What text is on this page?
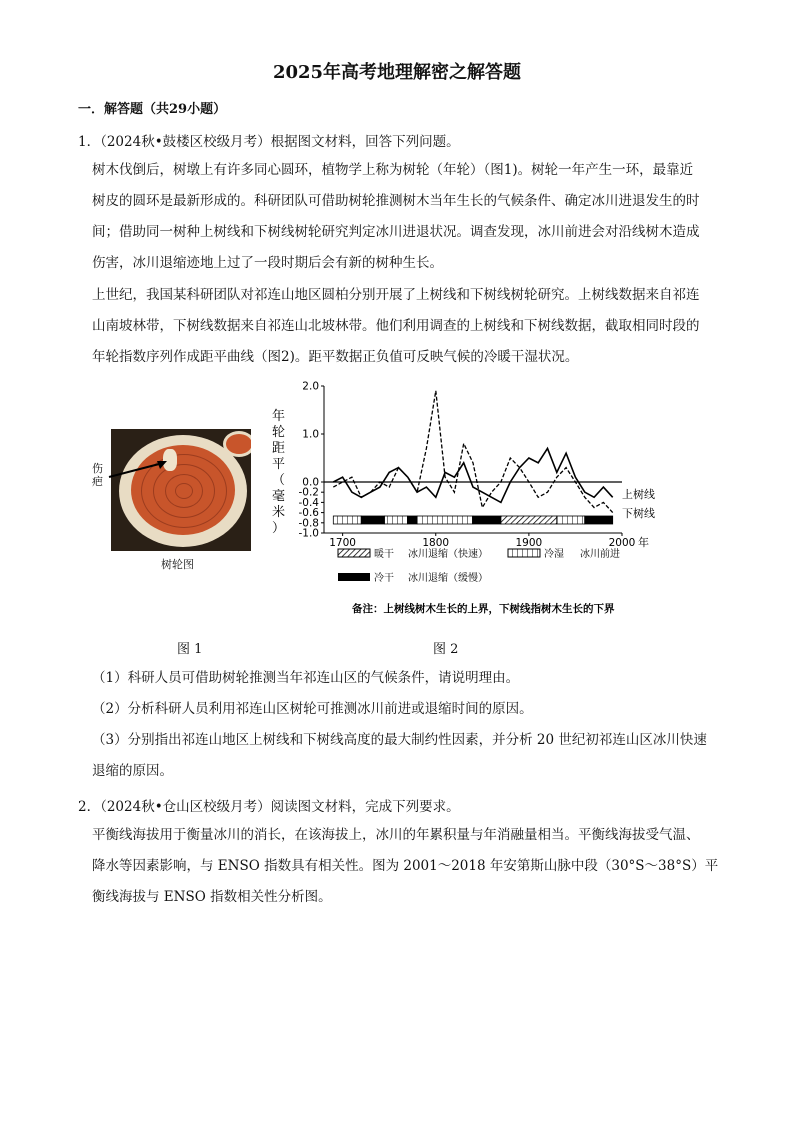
2025年高考地理解密之解答题
一．解答题（共29小题）
1．（2024秋•鼓楼区校级月考）根据图文材料，回答下列问题。
树木伐倒后，树墩上有许多同心圆环，植物学上称为树轮（年轮）（图1)。树轮一年产生一环，最靠近
树皮的圆环是最新形成的。科研团队可借助树轮推测树木当年生长的气候条件、确定冰川进退发生的时
间；借助同一树种上树线和下树线树轮研究判定冰川进退状况。调查发现，冰川前进会对沿线树木造成
伤害，冰川退缩迹地上过了一段时期后会有新的树种生长。
上世纪，我国某科研团队对祁连山地区圆柏分别开展了上树线和下树线树轮研究。上树线数据来自祁连
山南坡林带，下树线数据来自祁连山北坡林带。他们利用调查的上树线和下树线数据，截取相同时段的
年轮指数序列作成距平曲线（图2)。距平数据正负值可反映气候的冷暖干湿状况。
伤
疤
树轮图
年
轮
距
平
（
毫
米
）
2.0
1.0
0.0
-0.2
-0.4
-0.6
-0.8
-1.0
1700	1800	1900	2000 年
上树线
下树线
暖干 冰川退缩（快速）	冷湿 冰川前进
冷干 冰川退缩（缓慢）
备注：上树线树木生长的上界，下树线指树木生长的下界
图 1	图 2
（1）科研人员可借助树轮推测当年祁连山区的气候条件，请说明理由。
（2）分析科研人员利用祁连山区树轮可推测冰川前进或退缩时间的原因。
（3）分别指出祁连山地区上树线和下树线高度的最大制约性因素，并分析 20 世纪初祁连山区冰川快速
退缩的原因。
2．（2024秋•仓山区校级月考）阅读图文材料，完成下列要求。
平衡线海拔用于衡量冰川的消长，在该海拔上，冰川的年累积量与年消融量相当。平衡线海拔受气温、
降水等因素影响，与 ENSO 指数具有相关性。图为 2001～2018 年安第斯山脉中段（30°S～38°S）平
衡线海拔与 ENSO 指数相关性分析图。
